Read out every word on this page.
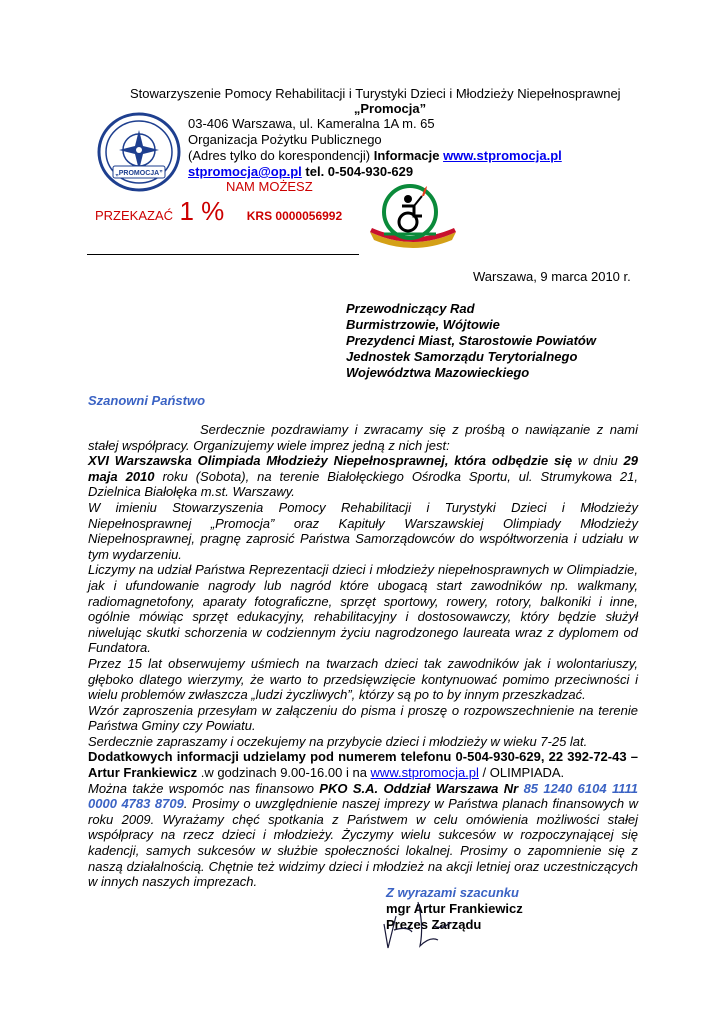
Stowarzyszenie Pomocy Rehabilitacji i Turystyki Dzieci i Młodzieży Niepełnosprawnej
„Promocja”
„PROMOCJA”
03-406 Warszawa, ul. Kameralna 1A m. 65
Organizacja Pożytku Publicznego
(Adres tylko do korespondencji) Informacje www.stpromocja.pl
stpromocja@op.pl tel. 0-504-930-629
NAM MOŻESZ
PRZEKAZAĆ 1 % KRS 0000056992
Warszawa, 9 marca 2010 r.
Przewodniczący Rad
Burmistrzowie, Wójtowie
Prezydenci Miast, Starostowie Powiatów
Jednostek Samorządu Terytorialnego
Województwa Mazowieckiego
Szanowni Państwo

Serdecznie pozdrawiamy i zwracamy się z prośbą o nawiązanie z nami stałej współpracy. Organizujemy wiele imprez jedną z nich jest:

XVI Warszawska Olimpiada Młodzieży Niepełnosprawnej, która odbędzie się w dniu 29 maja 2010 roku (Sobota), na terenie Białołęckiego Ośrodka Sportu, ul. Strumykowa 21, Dzielnica Białołęka m.st. Warszawy.

W imieniu Stowarzyszenia Pomocy Rehabilitacji i Turystyki Dzieci i Młodzieży Niepełnosprawnej „Promocja” oraz Kapituły Warszawskiej Olimpiady Młodzieży Niepełnosprawnej, pragnę zaprosić Państwa Samorządowców do współtworzenia i udziału w tym wydarzeniu.

Liczymy na udział Państwa Reprezentacji dzieci i młodzieży niepełnosprawnych w Olimpiadzie, jak i ufundowanie nagrody lub nagród które ubogacą start zawodników np. walkmany, radiomagnetofony, aparaty fotograficzne, sprzęt sportowy, rowery, rotory, balkoniki i inne, ogólnie mówiąc sprzęt edukacyjny, rehabilitacyjny i dostosowawczy, który będzie służył niwelując skutki schorzenia w codziennym życiu nagrodzonego laureata wraz z dyplomem od Fundatora.

Przez 15 lat obserwujemy uśmiech na twarzach dzieci tak zawodników jak i wolontariuszy, głęboko dlatego wierzymy, że warto to przedsięwzięcie kontynuować pomimo przeciwności i wielu problemów zwłaszcza „ludzi życzliwych”, którzy są po to by innym przeszkadzać.

Wzór zaproszenia przesyłam w załączeniu do pisma i proszę o rozpowszechnienie na terenie Państwa Gminy czy Powiatu.

Serdecznie zapraszamy i oczekujemy na przybycie dzieci i młodzieży w wieku 7-25 lat.

Dodatkowych informacji udzielamy pod numerem telefonu 0-504-930-629, 22 392-72-43 – Artur Frankiewicz .w godzinach 9.00-16.00 i na www.stpromocja.pl / OLIMPIADA.

Można także wspomóc nas finansowo PKO S.A. Oddział Warszawa Nr 85 1240 6104 1111 0000 4783 8709. Prosimy o uwzględnienie naszej imprezy w Państwa planach finansowych w roku 2009. Wyrażamy chęć spotkania z Państwem w celu omówienia możliwości stałej współpracy na rzecz dzieci i młodzieży. Życzymy wielu sukcesów w rozpoczynającej się kadencji, samych sukcesów w służbie społeczności lokalnej. Prosimy o zapomnienie się z naszą działalnością. Chętnie też widzimy dzieci i młodzież na akcji letniej oraz uczestniczących w innych naszych imprezach.

Z wyrazami szacunku
mgr Artur Frankiewicz
Prezes Zarządu
